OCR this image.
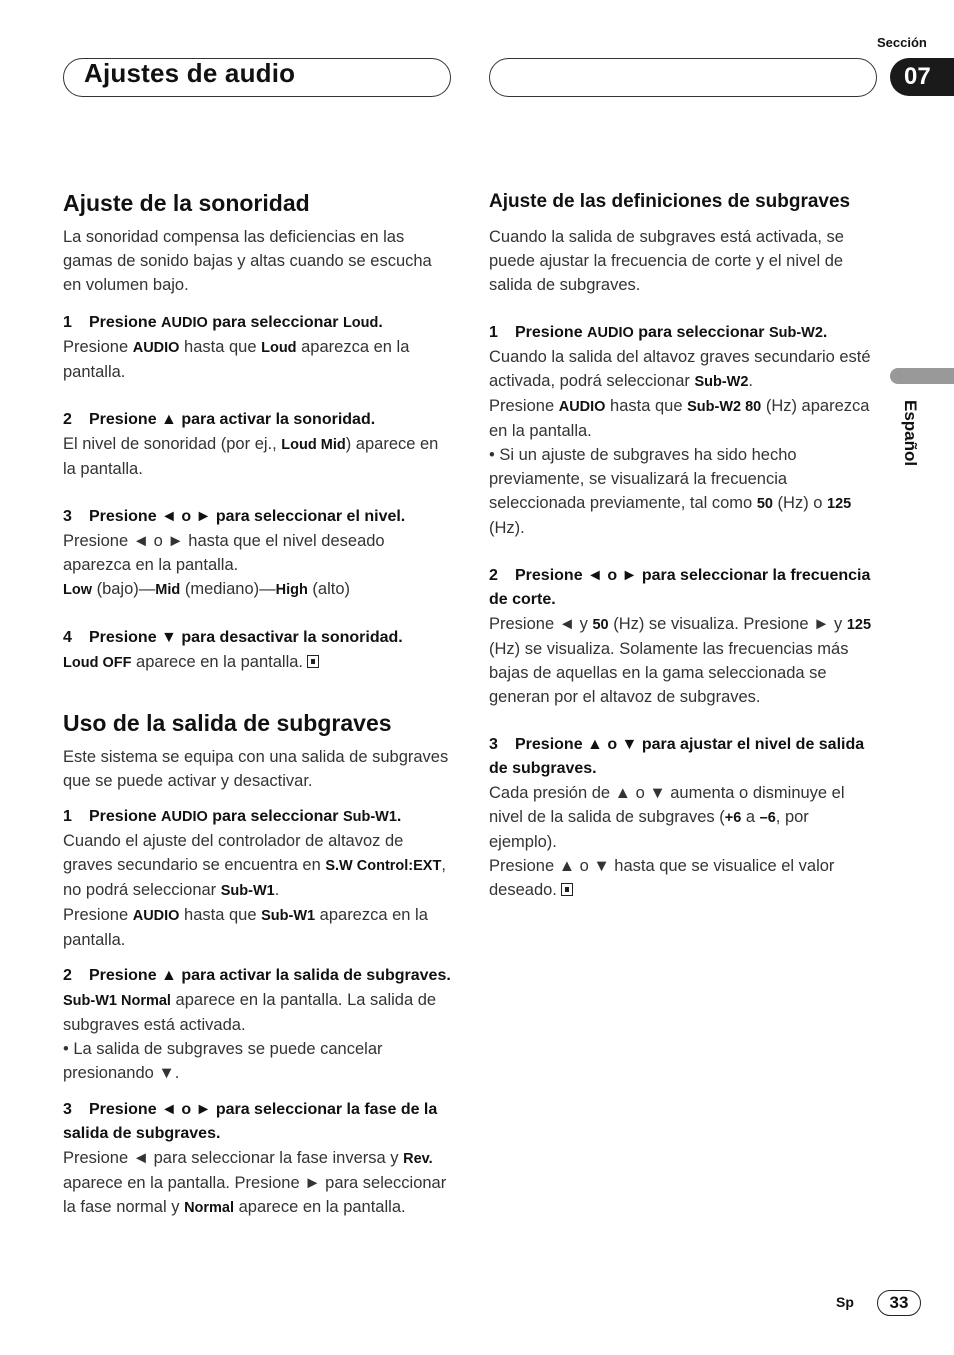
Ajustes de audio
Sección
07
Español
Ajuste de la sonoridad

La sonoridad compensa las deficiencias en las gamas de sonido bajas y altas cuando se escucha en volumen bajo.

1 Presione AUDIO para seleccionar Loud.

Presione AUDIO hasta que Loud aparezca en la pantalla.

2 Presione ▲ para activar la sonoridad.

El nivel de sonoridad (por ej., Loud Mid) aparece en la pantalla.

3 Presione ◄ o ► para seleccionar el nivel.

Presione ◄ o ► hasta que el nivel deseado aparezca en la pantalla.

Low (bajo)—Mid (mediano)—High (alto)

4 Presione ▼ para desactivar la sonoridad.

Loud OFF aparece en la pantalla.

Uso de la salida de subgraves

Este sistema se equipa con una salida de subgraves que se puede activar y desactivar.

1 Presione AUDIO para seleccionar Sub-W1.

Cuando el ajuste del controlador de altavoz de graves secundario se encuentra en S.W Control:EXT, no podrá seleccionar Sub-W1.
Presione AUDIO hasta que Sub-W1 aparezca en la pantalla.

2 Presione ▲ para activar la salida de subgraves.

Sub-W1 Normal aparece en la pantalla. La salida de subgraves está activada.

• La salida de subgraves se puede cancelar presionando ▼.

3 Presione ◄ o ► para seleccionar la fase de la salida de subgraves.

Presione ◄ para seleccionar la fase inversa y Rev. aparece en la pantalla. Presione ► para seleccionar la fase normal y Normal aparece en la pantalla.

Ajuste de las definiciones de subgraves

Cuando la salida de subgraves está activada, se puede ajustar la frecuencia de corte y el nivel de salida de subgraves.

1 Presione AUDIO para seleccionar Sub-W2.

Cuando la salida del altavoz graves secundario esté activada, podrá seleccionar Sub-W2.
Presione AUDIO hasta que Sub-W2 80 (Hz) aparezca en la pantalla.

• Si un ajuste de subgraves ha sido hecho previamente, se visualizará la frecuencia seleccionada previamente, tal como 50 (Hz) o 125 (Hz).

2 Presione ◄ o ► para seleccionar la frecuencia de corte.

Presione ◄ y 50 (Hz) se visualiza. Presione ► y 125 (Hz) se visualiza. Solamente las frecuencias más bajas de aquellas en la gama seleccionada se generan por el altavoz de subgraves.

3 Presione ▲ o ▼ para ajustar el nivel de salida de subgraves.

Cada presión de ▲ o ▼ aumenta o disminuye el nivel de la salida de subgraves (+6 a –6, por ejemplo).
Presione ▲ o ▼ hasta que se visualice el valor deseado.

Sp	33
